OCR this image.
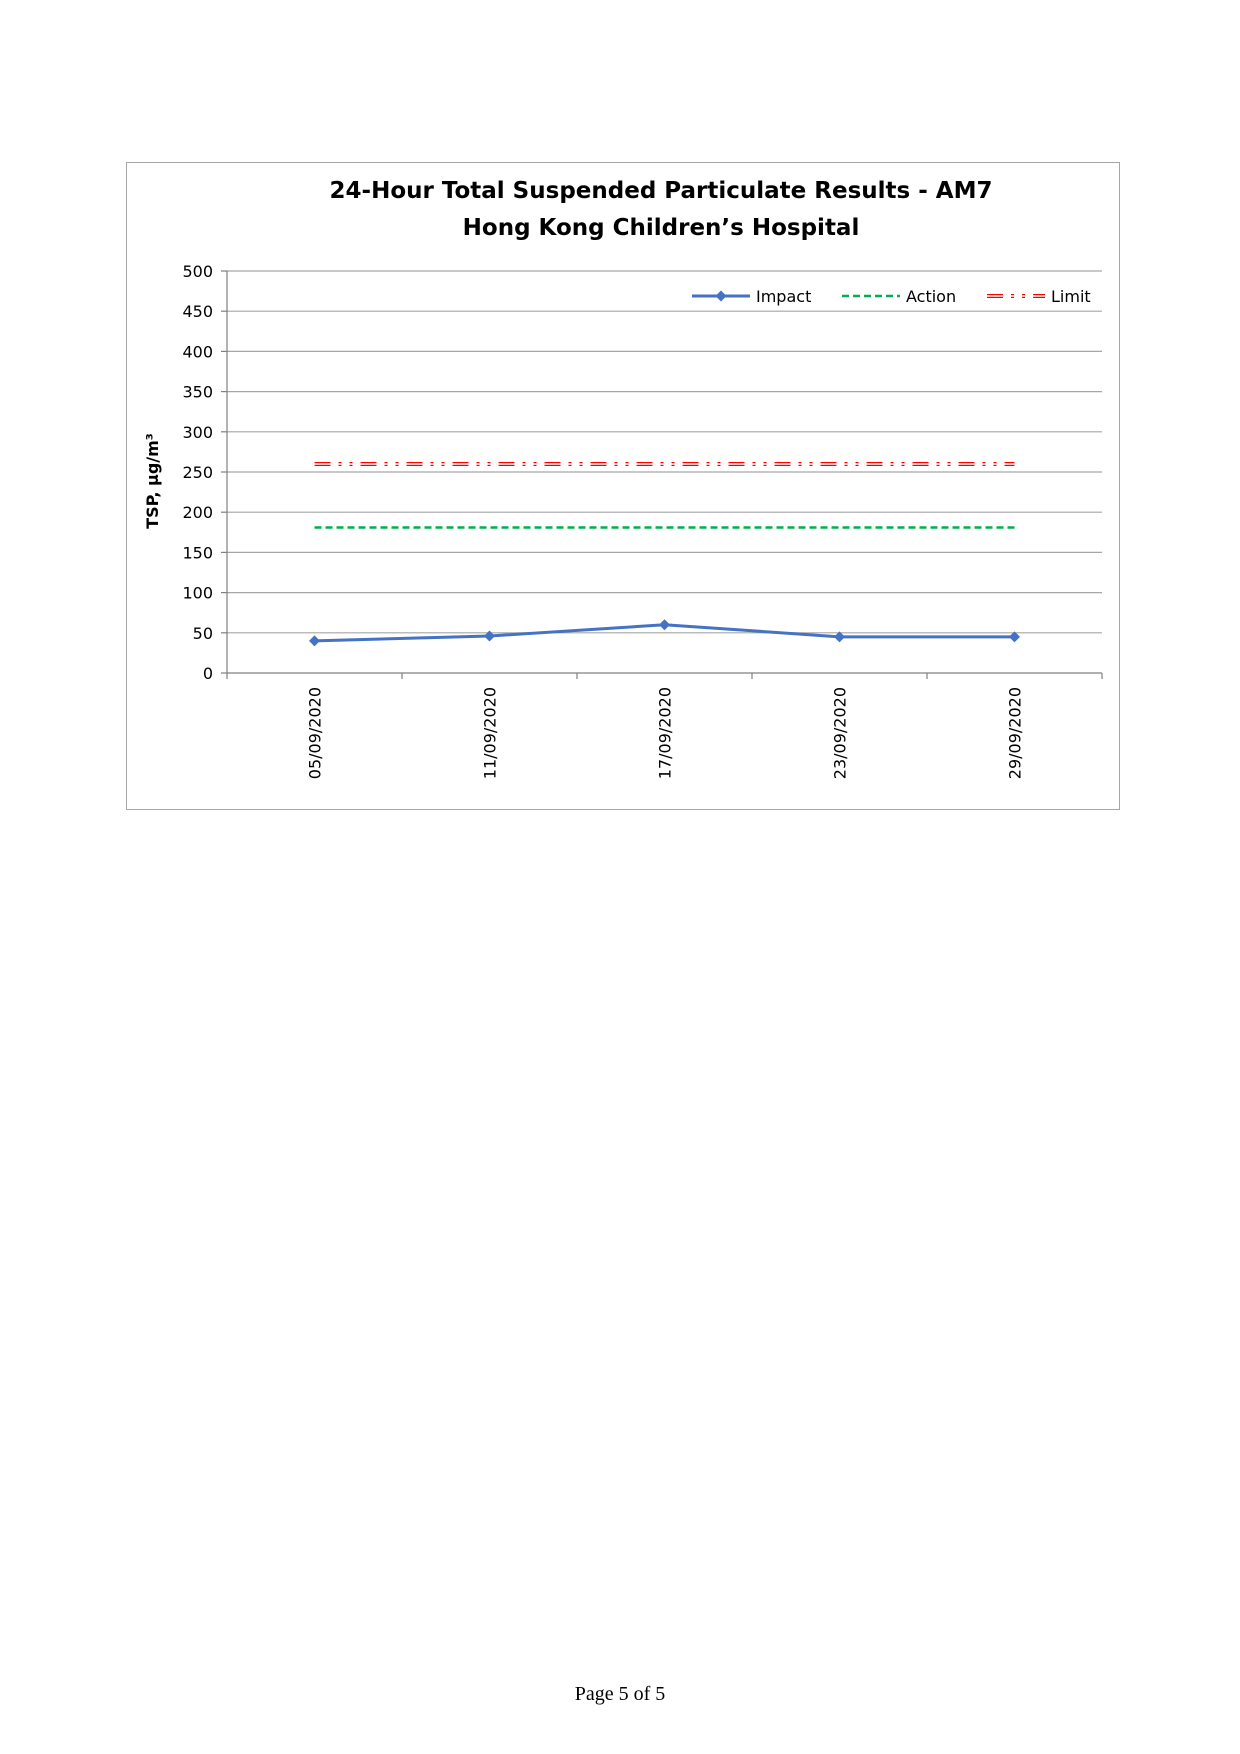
24-Hour Total Suspended Particulate Results - AM7
Hong Kong Children’s Hospital
0
50
100
150
200
250
300
350
400
450
500
05/09/2020	11/09/2020	17/09/2020	23/09/2020	29/09/2020
Impact	Action	Limit
TSP, µg/m³
Page 5 of 5
